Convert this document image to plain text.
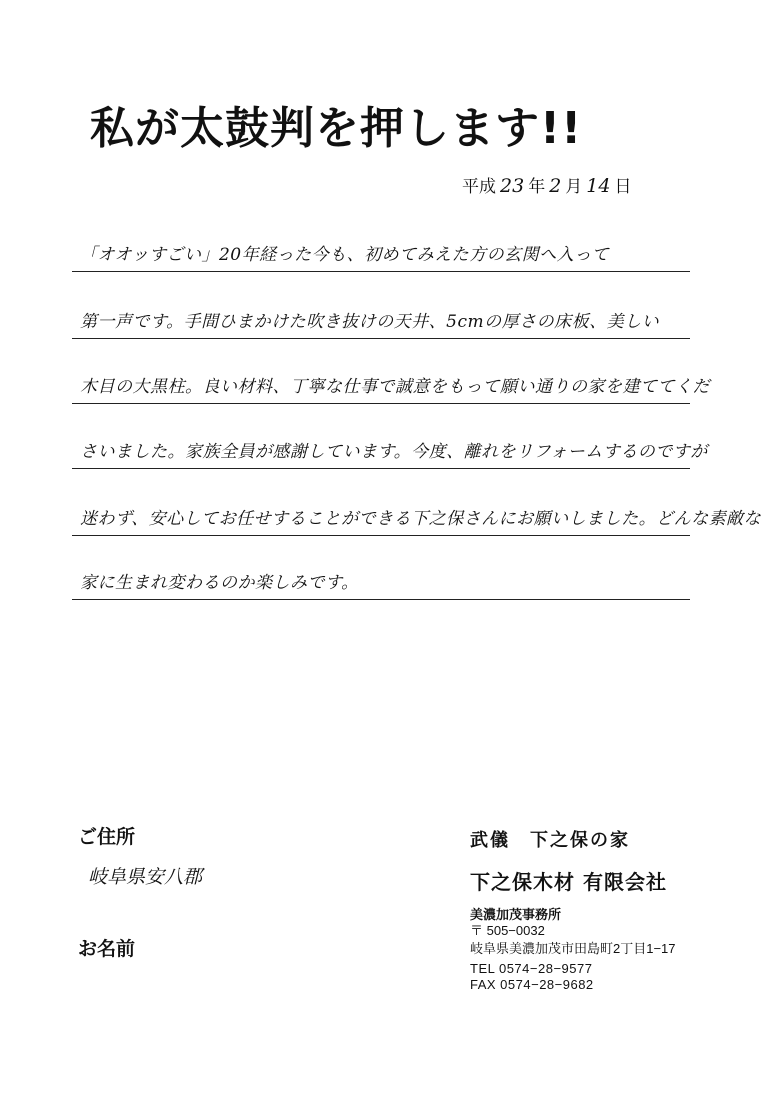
私が太鼓判を押します!!
平成 23 年 2 月 14 日
「オオッすごい」20年経った今も、初めてみえた方の玄関へ入って
第一声です。手間ひまかけた吹き抜けの天井、5cmの厚さの床板、美しい
木目の大黒柱。良い材料、丁寧な仕事で誠意をもって願い通りの家を建ててくだ
さいました。家族全員が感謝しています。今度、離れをリフォームするのですが
迷わず、安心してお任せすることができる下之保さんにお願いしました。どんな素敵な
家に生まれ変わるのか楽しみです。
ご住所
岐阜県安八郡
お名前
武儀　下之保の家
下之保木材 有限会社
美濃加茂事務所
〒 505−0032
岐阜県美濃加茂市田島町2丁目1−17
TEL 0574−28−9577
FAX 0574−28−9682
